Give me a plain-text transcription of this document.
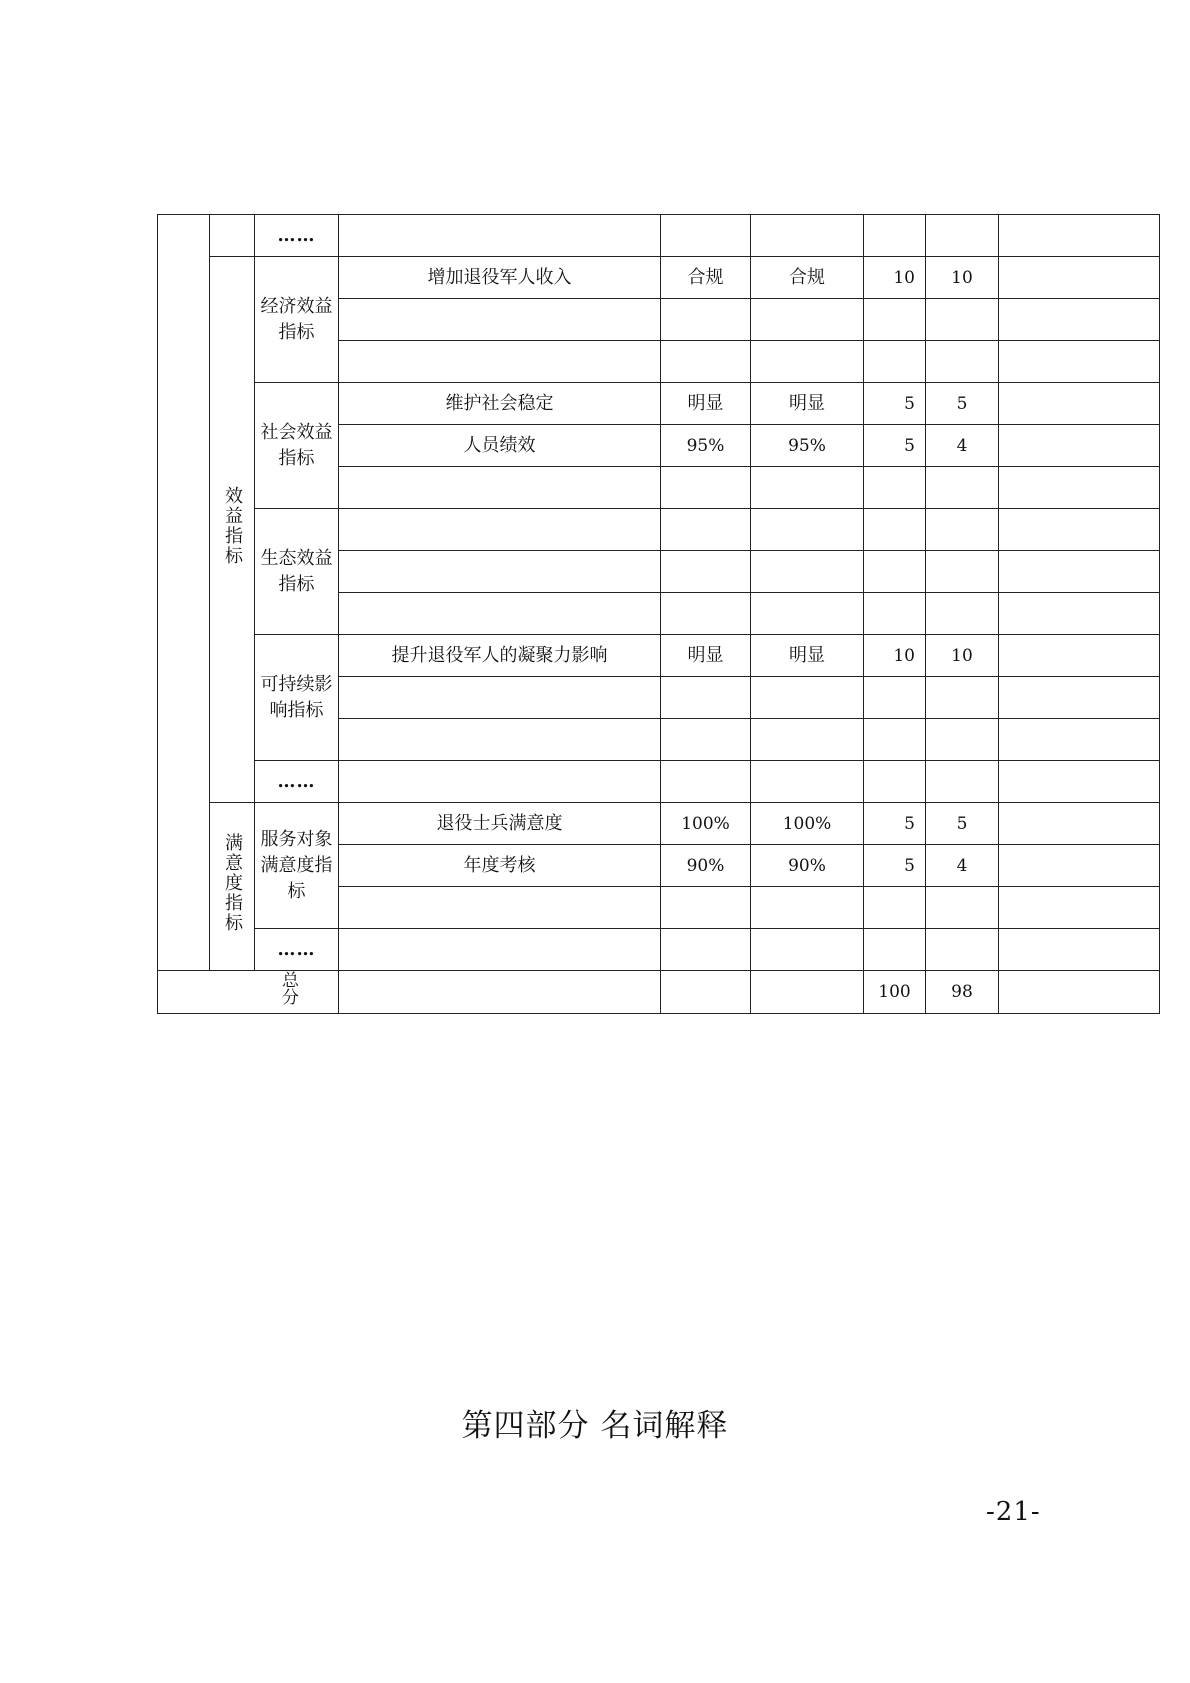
		……						
	效益指标	经济效益指标	增加退役军人收入	合规	合规	10	10	

		社会效益指标	维护社会稳定	明显	明显	5	5	
			人员绩效	95%	95%	5	4	

		生态效益指标						

		可持续影响指标	提升退役军人的凝聚力影响	明显	明显	10	10	

		……						
	满意度指标	服务对象满意度指标	退役士兵满意度	100%	100%	5	5	
			年度考核	90%	90%	5	4	

		……						
总分						100	98	
第四部分 名词解释
-21-
